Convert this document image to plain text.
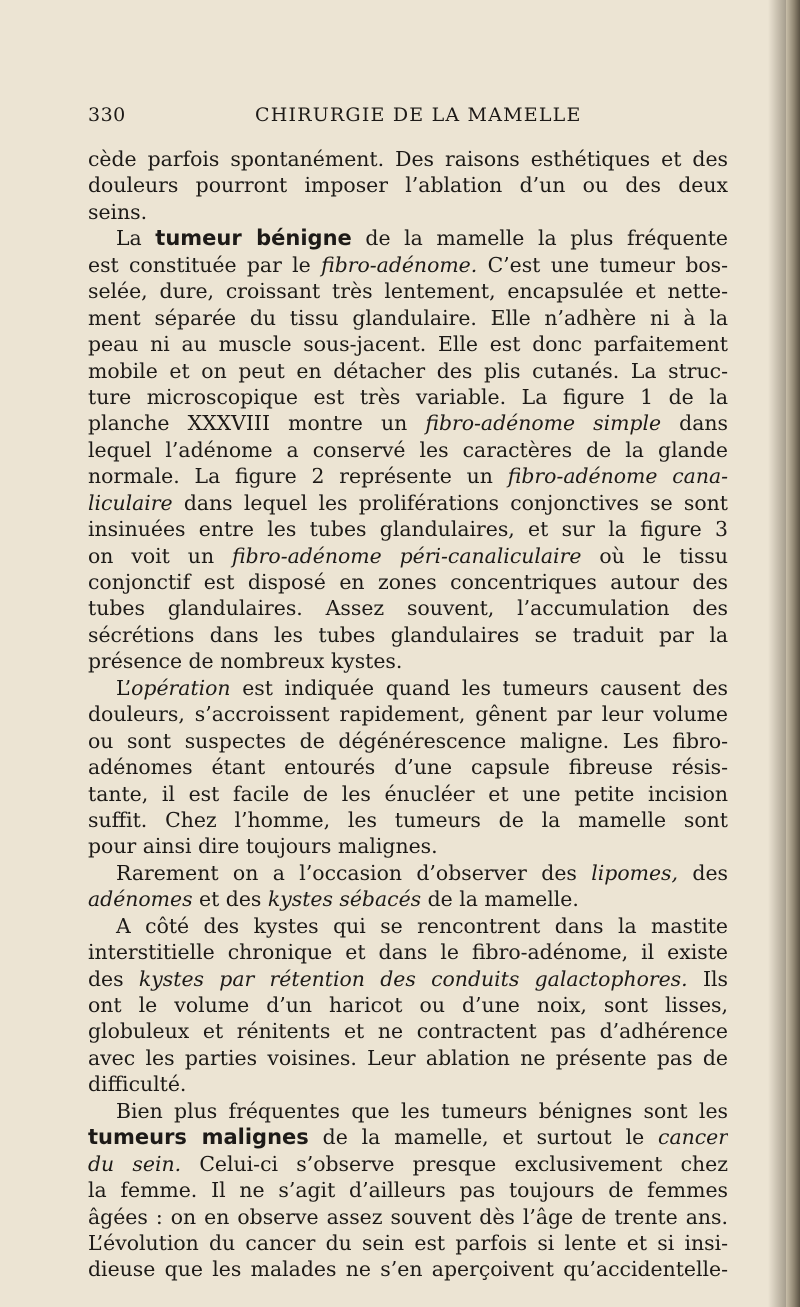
330	CHIRURGIE DE LA MAMELLE
cède parfois spontanément. Des raisons esthétiques et des
douleurs pourront imposer l’ablation d’un ou des deux
seins.
La tumeur bénigne de la mamelle la plus fréquente
est constituée par le fibro-adénome. C’est une tumeur bos-
selée, dure, croissant très lentement, encapsulée et nette-
ment séparée du tissu glandulaire. Elle n’adhère ni à la
peau ni au muscle sous-jacent. Elle est donc parfaitement
mobile et on peut en détacher des plis cutanés. La struc-
ture microscopique est très variable. La figure 1 de la
planche XXXVIII montre un fibro-adénome simple dans
lequel l’adénome a conservé les caractères de la glande
normale. La figure 2 représente un fibro-adénome cana-
liculaire dans lequel les proliférations conjonctives se sont
insinuées entre les tubes glandulaires, et sur la figure 3
on voit un fibro-adénome péri-canaliculaire où le tissu
conjonctif est disposé en zones concentriques autour des
tubes glandulaires. Assez souvent, l’accumulation des
sécrétions dans les tubes glandulaires se traduit par la
présence de nombreux kystes.
L’opération est indiquée quand les tumeurs causent des
douleurs, s’accroissent rapidement, gênent par leur volume
ou sont suspectes de dégénérescence maligne. Les fibro-
adénomes étant entourés d’une capsule fibreuse résis-
tante, il est facile de les énucléer et une petite incision
suffit. Chez l’homme, les tumeurs de la mamelle sont
pour ainsi dire toujours malignes.
Rarement on a l’occasion d’observer des lipomes, des
adénomes et des kystes sébacés de la mamelle.
A côté des kystes qui se rencontrent dans la mastite
interstitielle chronique et dans le fibro-adénome, il existe
des kystes par rétention des conduits galactophores. Ils
ont le volume d’un haricot ou d’une noix, sont lisses,
globuleux et rénitents et ne contractent pas d’adhérence
avec les parties voisines. Leur ablation ne présente pas de
difficulté.
Bien plus fréquentes que les tumeurs bénignes sont les
tumeurs malignes de la mamelle, et surtout le cancer
du sein. Celui-ci s’observe presque exclusivement chez
la femme. Il ne s’agit d’ailleurs pas toujours de femmes
âgées : on en observe assez souvent dès l’âge de trente ans.
L’évolution du cancer du sein est parfois si lente et si insi-
dieuse que les malades ne s’en aperçoivent qu’accidentelle-
